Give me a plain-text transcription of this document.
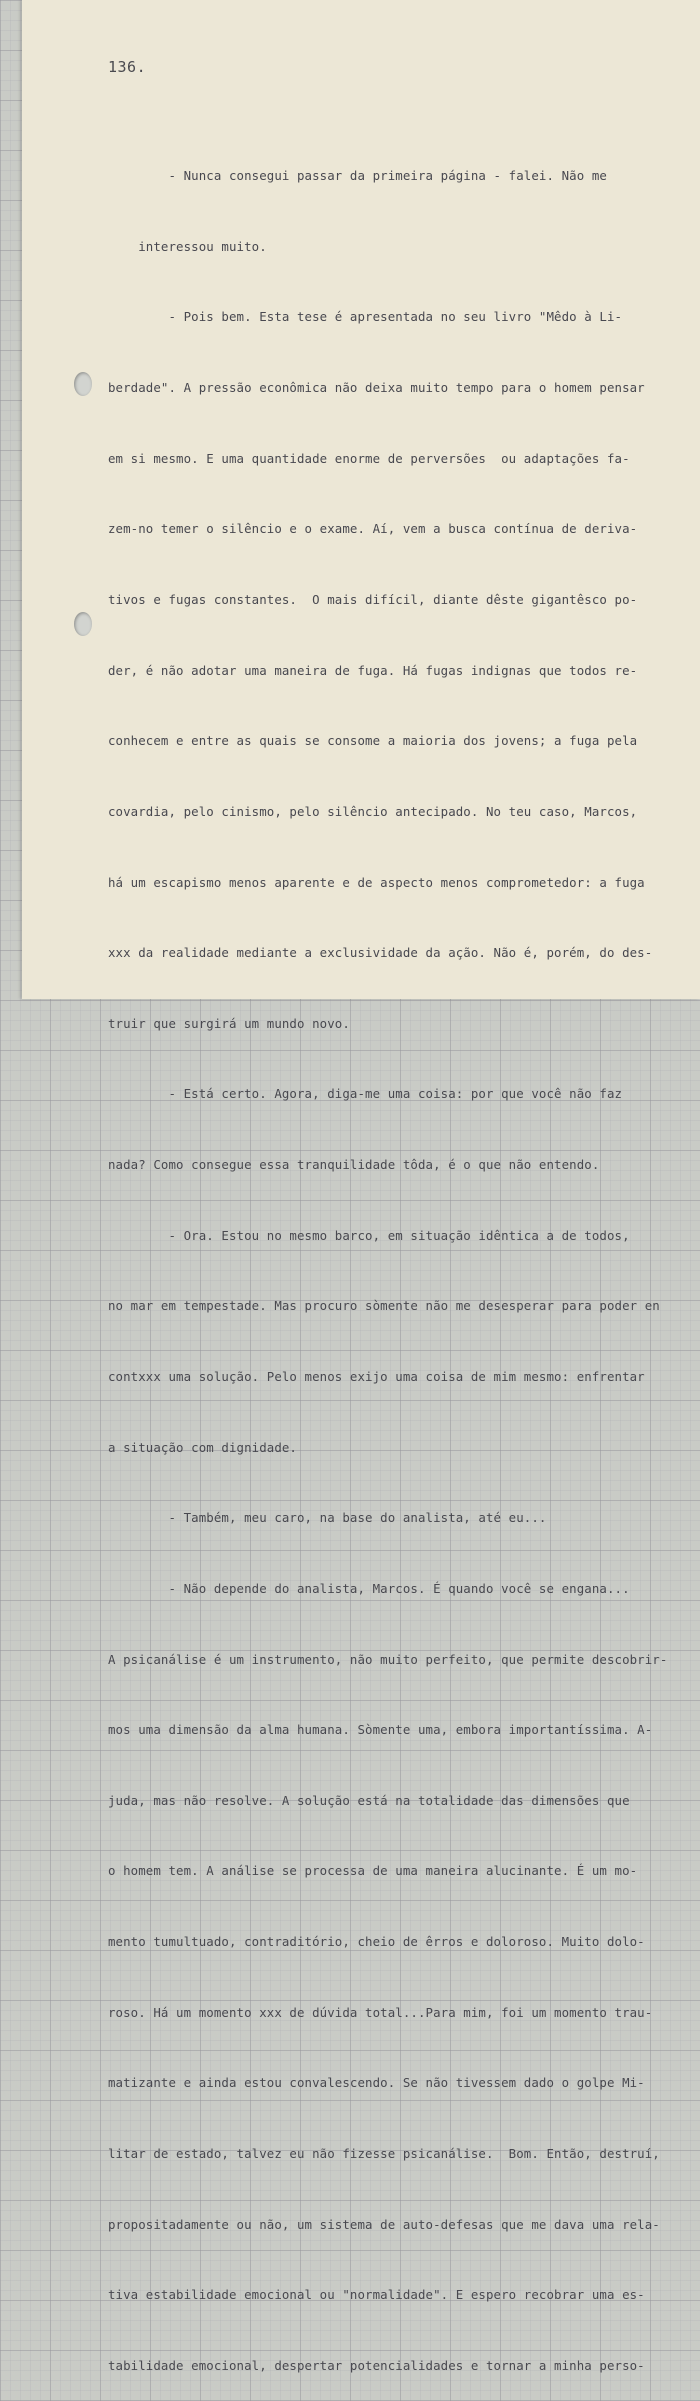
136.

- Nunca consegui passar da primeira página - falei. Não me

interessou muito.

- Pois bem. Esta tese é apresentada no seu livro "Mêdo à Li-

berdade". A pressão econômica não deixa muito tempo para o homem pensar

em si mesmo. E uma quantidade enorme de perversões  ou adaptações fa-

zem-no temer o silêncio e o exame. Aí, vem a busca contínua de deriva-

tivos e fugas constantes.  O mais difícil, diante dêste gigantêsco po-

der, é não adotar uma maneira de fuga. Há fugas indignas que todos re-

conhecem e entre as quais se consome a maioria dos jovens; a fuga pela

covardia, pelo cinismo, pelo silêncio antecipado. No teu caso, Marcos,

há um escapismo menos aparente e de aspecto menos comprometedor: a fuga

xxx da realidade mediante a exclusividade da ação. Não é, porém, do des-

truir que surgirá um mundo novo.

- Está certo. Agora, diga-me uma coisa: por que você não faz

nada? Como consegue essa tranquilidade tôda, é o que não entendo.

- Ora. Estou no mesmo barco, em situação idêntica a de todos,

no mar em tempestade. Mas procuro sòmente não me desesperar para poder en

contxxx uma solução. Pelo menos exijo uma coisa de mim mesmo: enfrentar

a situação com dignidade.

- Também, meu caro, na base do analista, até eu...

- Não depende do analista, Marcos. É quando você se engana...

A psicanálise é um instrumento, não muito perfeito, que permite descobrir-

mos uma dimensão da alma humana. Sòmente uma, embora importantíssima. A-

juda, mas não resolve. A solução está na totalidade das dimensões que

o homem tem. A análise se processa de uma maneira alucinante. É um mo-

mento tumultuado, contraditório, cheio de êrros e doloroso. Muito dolo-

roso. Há um momento xxx de dúvida total...Para mim, foi um momento trau-

matizante e ainda estou convalescendo. Se não tivessem dado o golpe Mi-

litar de estado, talvez eu não fizesse psicanálise.  Bom. Então, destruí,

propositadamente ou não, um sistema de auto-defesas que me dava uma rela-

tiva estabilidade emocional ou "normalidade". E espero recobrar uma es-

tabilidade emocional, despertar potencialidades e tornar a minha perso-
